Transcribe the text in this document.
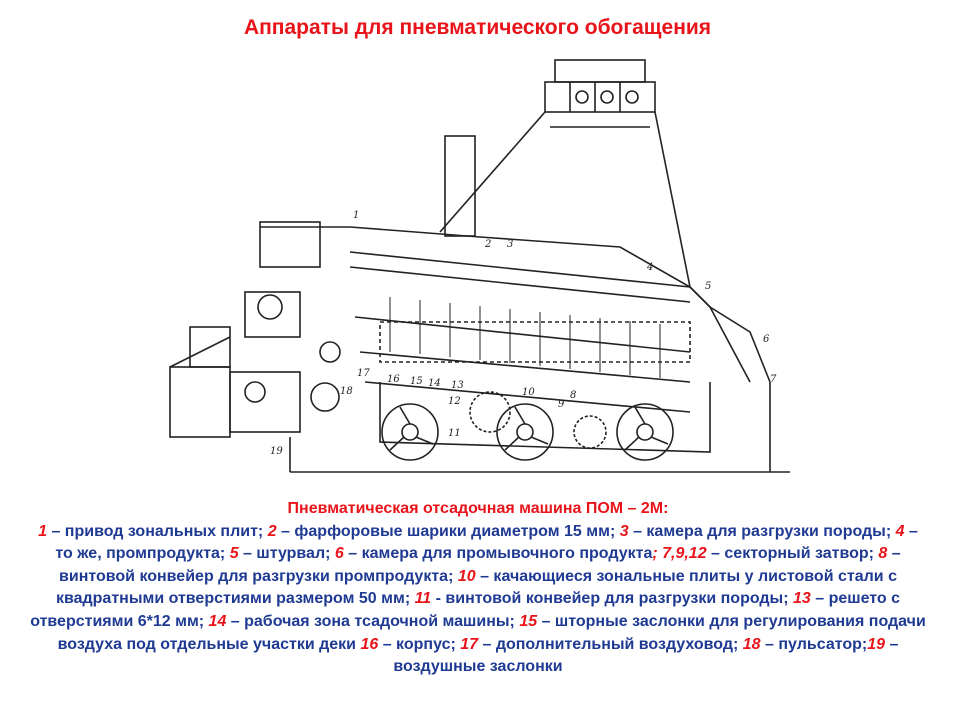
Аппараты для пневматического обогащения
1
2 3
4
5
6
7
8
9
10
11
12
13
14
15
16
17
18
19
Пневматическая отсадочная машина ПОМ – 2М:
1 – привод зональных плит; 2 – фарфоровые шарики диаметром 15 мм; 3 – камера для разгрузки породы; 4 – то же, промпродукта; 5 – штурвал; 6 – камера для промывочного продукта; 7,9,12 – секторный затвор; 8 – винтовой конвейер для разгрузки промпродукта; 10 – качающиеся зональные плиты у листовой стали с квадратными отверстиями размером 50 мм; 11 - винтовой конвейер для разгрузки породы; 13 – решето с отверстиями 6*12 мм; 14 – рабочая зона тсадочной машины; 15 – шторные заслонки для регулирования подачи воздуха под отдельные участки деки 16 – корпус; 17 – дополнительный воздуховод; 18 – пульсатор;19 – воздушные заслонки
